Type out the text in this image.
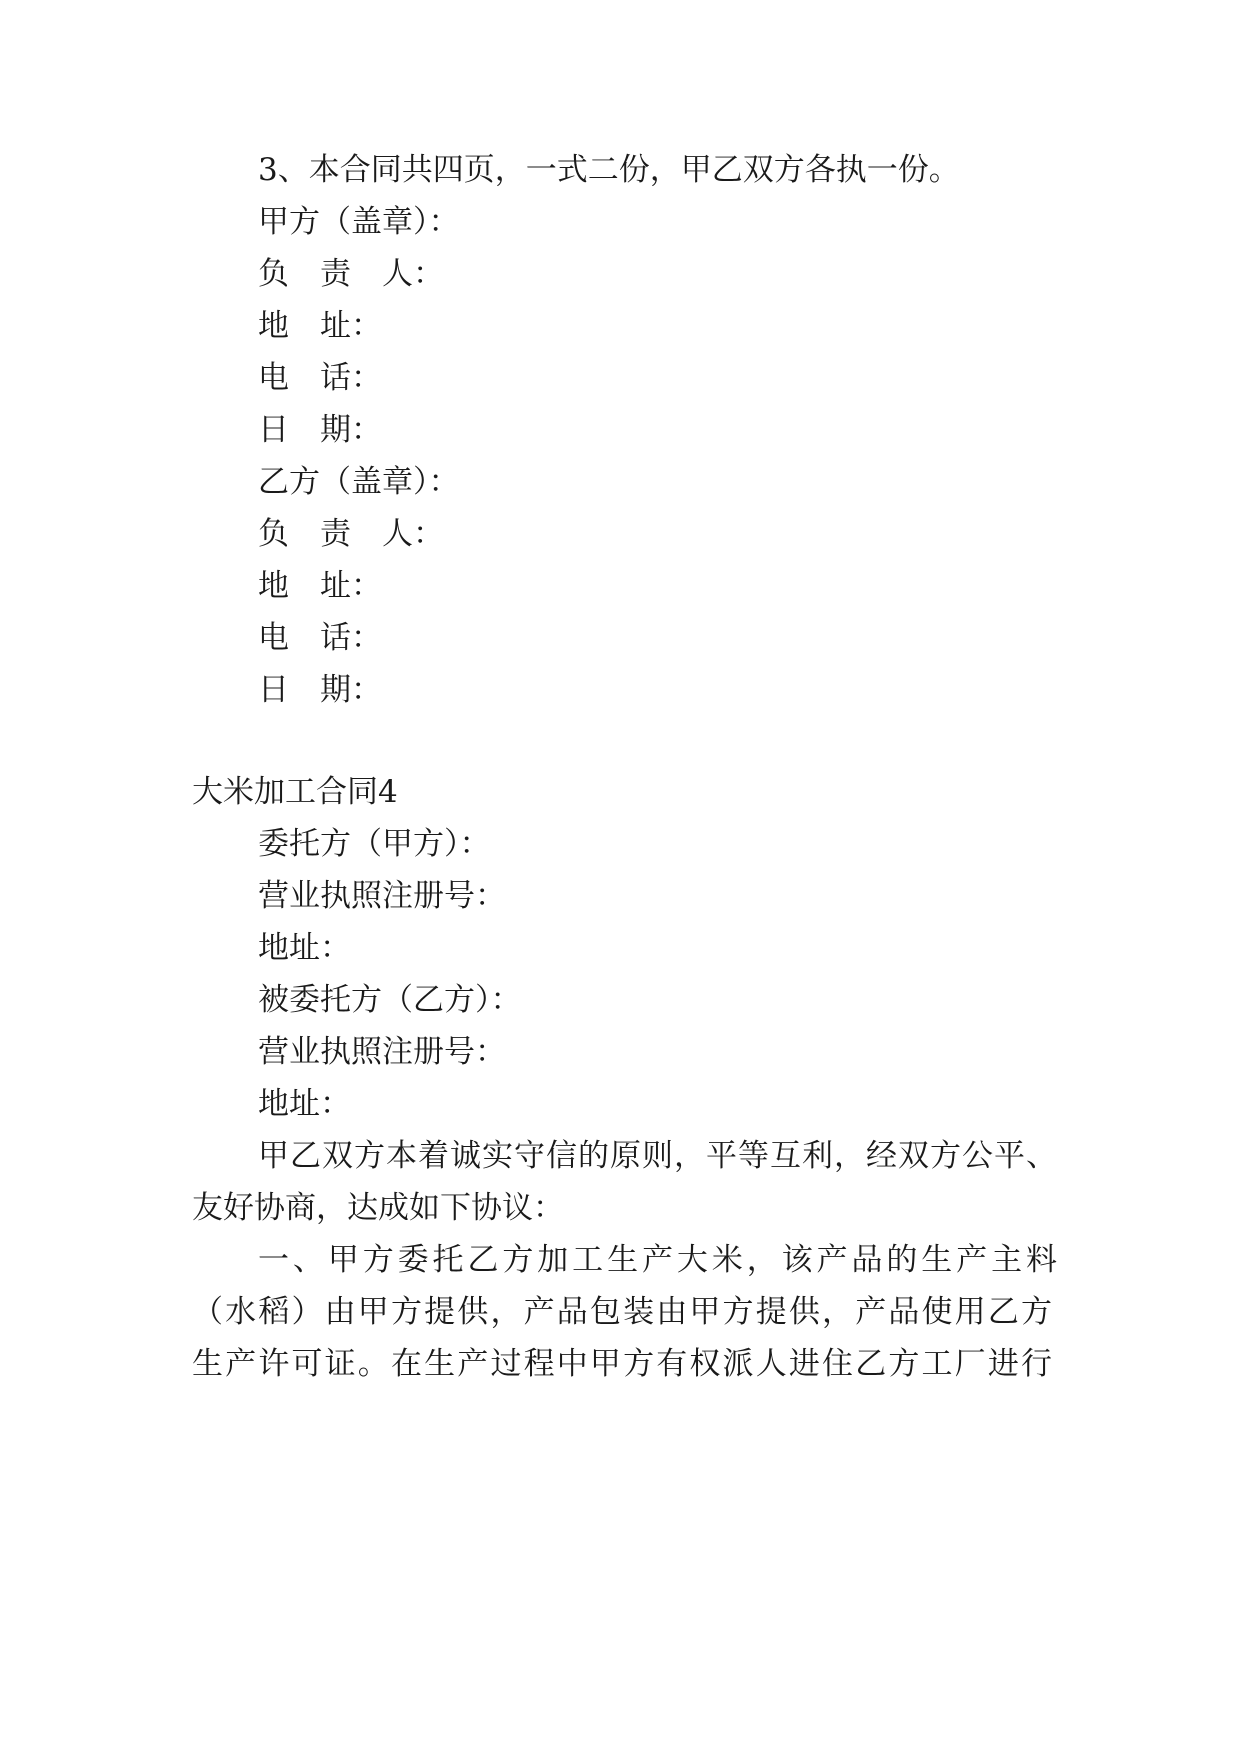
3、本合同共四页，一式二份，甲乙双方各执一份。
甲方（盖章）：
负　责　人：
地　址：
电　话：
日　期：
乙方（盖章）：
负　责　人：
地　址：
电　话：
日　期：
大米加工合同4
委托方（甲方）：
营业执照注册号：
地址：
被委托方（乙方）：
营业执照注册号：
地址：
甲乙双方本着诚实守信的原则，平等互利，经双方公平、
友好协商，达成如下协议：
一、甲方委托乙方加工生产大米，该产品的生产主料
（水稻）由甲方提供，产品包装由甲方提供，产品使用乙方
生产许可证。在生产过程中甲方有权派人进住乙方工厂进行
